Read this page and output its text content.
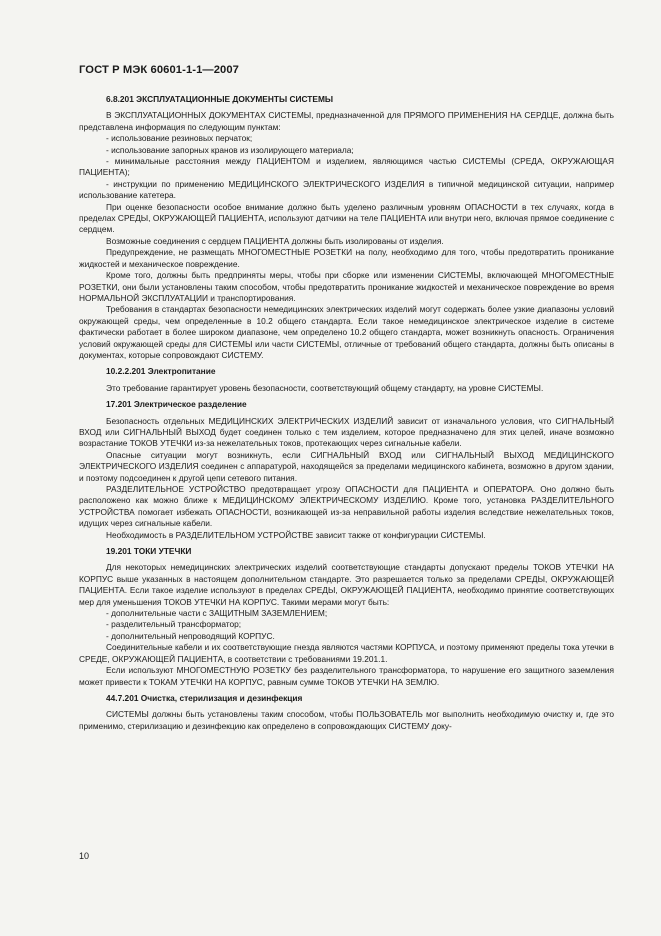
ГОСТ Р МЭК 60601-1-1—2007

6.8.201 ЭКСПЛУАТАЦИОННЫЕ ДОКУМЕНТЫ СИСТЕМЫ

В ЭКСПЛУАТАЦИОННЫХ ДОКУМЕНТАХ СИСТЕМЫ, предназначенной для ПРЯМОГО ПРИМЕНЕНИЯ НА СЕРДЦЕ, должна быть представлена информация по следующим пунктам:

- использование резиновых перчаток;

- использование запорных кранов из изолирующего материала;

- минимальные расстояния между ПАЦИЕНТОМ и изделием, являющимся частью СИСТЕМЫ (СРЕДА, ОКРУЖАЮЩАЯ ПАЦИЕНТА);

- инструкции по применению МЕДИЦИНСКОГО ЭЛЕКТРИЧЕСКОГО ИЗДЕЛИЯ в типичной медицинской ситуации, например использование катетера.

При оценке безопасности особое внимание должно быть уделено различным уровням ОПАСНОСТИ в тех случаях, когда в пределах СРЕДЫ, ОКРУЖАЮЩЕЙ ПАЦИЕНТА, используют датчики на теле ПАЦИЕНТА или внутри него, включая прямое соединение с сердцем.

Возможные соединения с сердцем ПАЦИЕНТА должны быть изолированы от изделия.

Предупреждение, не размещать МНОГОМЕСТНЫЕ РОЗЕТКИ на полу, необходимо для того, чтобы предотвратить проникание жидкостей и механическое повреждение.

Кроме того, должны быть предприняты меры, чтобы при сборке или изменении СИСТЕМЫ, включающей МНОГОМЕСТНЫЕ РОЗЕТКИ, они были установлены таким способом, чтобы предотвратить проникание жидкостей и механическое повреждение во время НОРМАЛЬНОЙ ЭКСПЛУАТАЦИИ и транспортирования.

Требования в стандартах безопасности немедицинских электрических изделий могут содержать более узкие диапазоны условий окружающей среды, чем определенные в 10.2 общего стандарта. Если такое немедицинское электрическое изделие в системе фактически работает в более широком диапазоне, чем определено 10.2 общего стандарта, может возникнуть опасность. Ограничения условий окружающей среды для СИСТЕМЫ или части СИСТЕМЫ, отличные от требований общего стандарта, должны быть описаны в документах, которые сопровождают СИСТЕМУ.

10.2.2.201 Электропитание

Это требование гарантирует уровень безопасности, соответствующий общему стандарту, на уровне СИСТЕМЫ.

17.201 Электрическое разделение

Безопасность отдельных МЕДИЦИНСКИХ ЭЛЕКТРИЧЕСКИХ ИЗДЕЛИЙ зависит от изначального условия, что СИГНАЛЬНЫЙ ВХОД или СИГНАЛЬНЫЙ ВЫХОД будет соединен только с тем изделием, которое предназначено для этих целей, иначе возможно возрастание ТОКОВ УТЕЧКИ из-за нежелательных токов, протекающих через сигнальные кабели.

Опасные ситуации могут возникнуть, если СИГНАЛЬНЫЙ ВХОД или СИГНАЛЬНЫЙ ВЫХОД МЕДИЦИНСКОГО ЭЛЕКТРИЧЕСКОГО ИЗДЕЛИЯ соединен с аппаратурой, находящейся за пределами медицинского кабинета, возможно в другом здании, и поэтому подсоединен к другой цепи сетевого питания.

РАЗДЕЛИТЕЛЬНОЕ УСТРОЙСТВО предотвращает угрозу ОПАСНОСТИ для ПАЦИЕНТА и ОПЕРАТОРА. Оно должно быть расположено как можно ближе к МЕДИЦИНСКОМУ ЭЛЕКТРИЧЕСКОМУ ИЗДЕЛИЮ. Кроме того, установка РАЗДЕЛИТЕЛЬНОГО УСТРОЙСТВА помогает избежать ОПАСНОСТИ, возникающей из-за неправильной работы изделия вследствие нежелательных токов, идущих через сигнальные кабели.

Необходимость в РАЗДЕЛИТЕЛЬНОМ УСТРОЙСТВЕ зависит также от конфигурации СИСТЕМЫ.

19.201 ТОКИ УТЕЧКИ

Для некоторых немедицинских электрических изделий соответствующие стандарты допускают пределы ТОКОВ УТЕЧКИ НА КОРПУС выше указанных в настоящем дополнительном стандарте. Это разрешается только за пределами СРЕДЫ, ОКРУЖАЮЩЕЙ ПАЦИЕНТА. Если такое изделие используют в пределах СРЕДЫ, ОКРУЖАЮЩЕЙ ПАЦИЕНТА, необходимо принятие соответствующих мер для уменьшения ТОКОВ УТЕЧКИ НА КОРПУС. Такими мерами могут быть:

- дополнительные части с ЗАЩИТНЫМ ЗАЗЕМЛЕНИЕМ;

- разделительный трансформатор;

- дополнительный непроводящий КОРПУС.

Соединительные кабели и их соответствующие гнезда являются частями КОРПУСА, и поэтому применяют пределы тока утечки в СРЕДЕ, ОКРУЖАЮЩЕЙ ПАЦИЕНТА, в соответствии с требованиями 19.201.1.

Если используют МНОГОМЕСТНУЮ РОЗЕТКУ без разделительного трансформатора, то нарушение его защитного заземления может привести к ТОКАМ УТЕЧКИ НА КОРПУС, равным сумме ТОКОВ УТЕЧКИ НА ЗЕМЛЮ.

44.7.201 Очистка, стерилизация и дезинфекция

СИСТЕМЫ должны быть установлены таким способом, чтобы ПОЛЬЗОВАТЕЛЬ мог выполнить необходимую очистку и, где это применимо, стерилизацию и дезинфекцию как определено в сопровождающих СИСТЕМУ доку-

10
